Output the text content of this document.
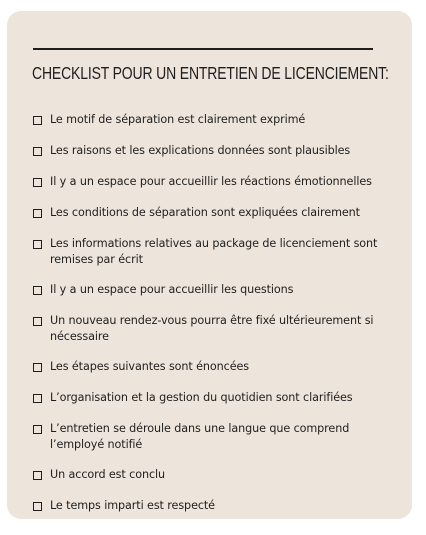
CHECKLIST POUR UN ENTRETIEN DE LICENCIEMENT:
Le motif de séparation est clairement exprimé
Les raisons et les explications données sont plausibles
Il y a un espace pour accueillir les réactions émotionnelles
Les conditions de séparation sont expliquées clairement
Les informations relatives au package de licenciement sont remises par écrit
Il y a un espace pour accueillir les questions
Un nouveau rendez-vous pourra être fixé ultérieurement si nécessaire
Les étapes suivantes sont énoncées
L’organisation et la gestion du quotidien sont clarifiées
L’entretien se déroule dans une langue que comprend l’employé notifié
Un accord est conclu
Le temps imparti est respecté
